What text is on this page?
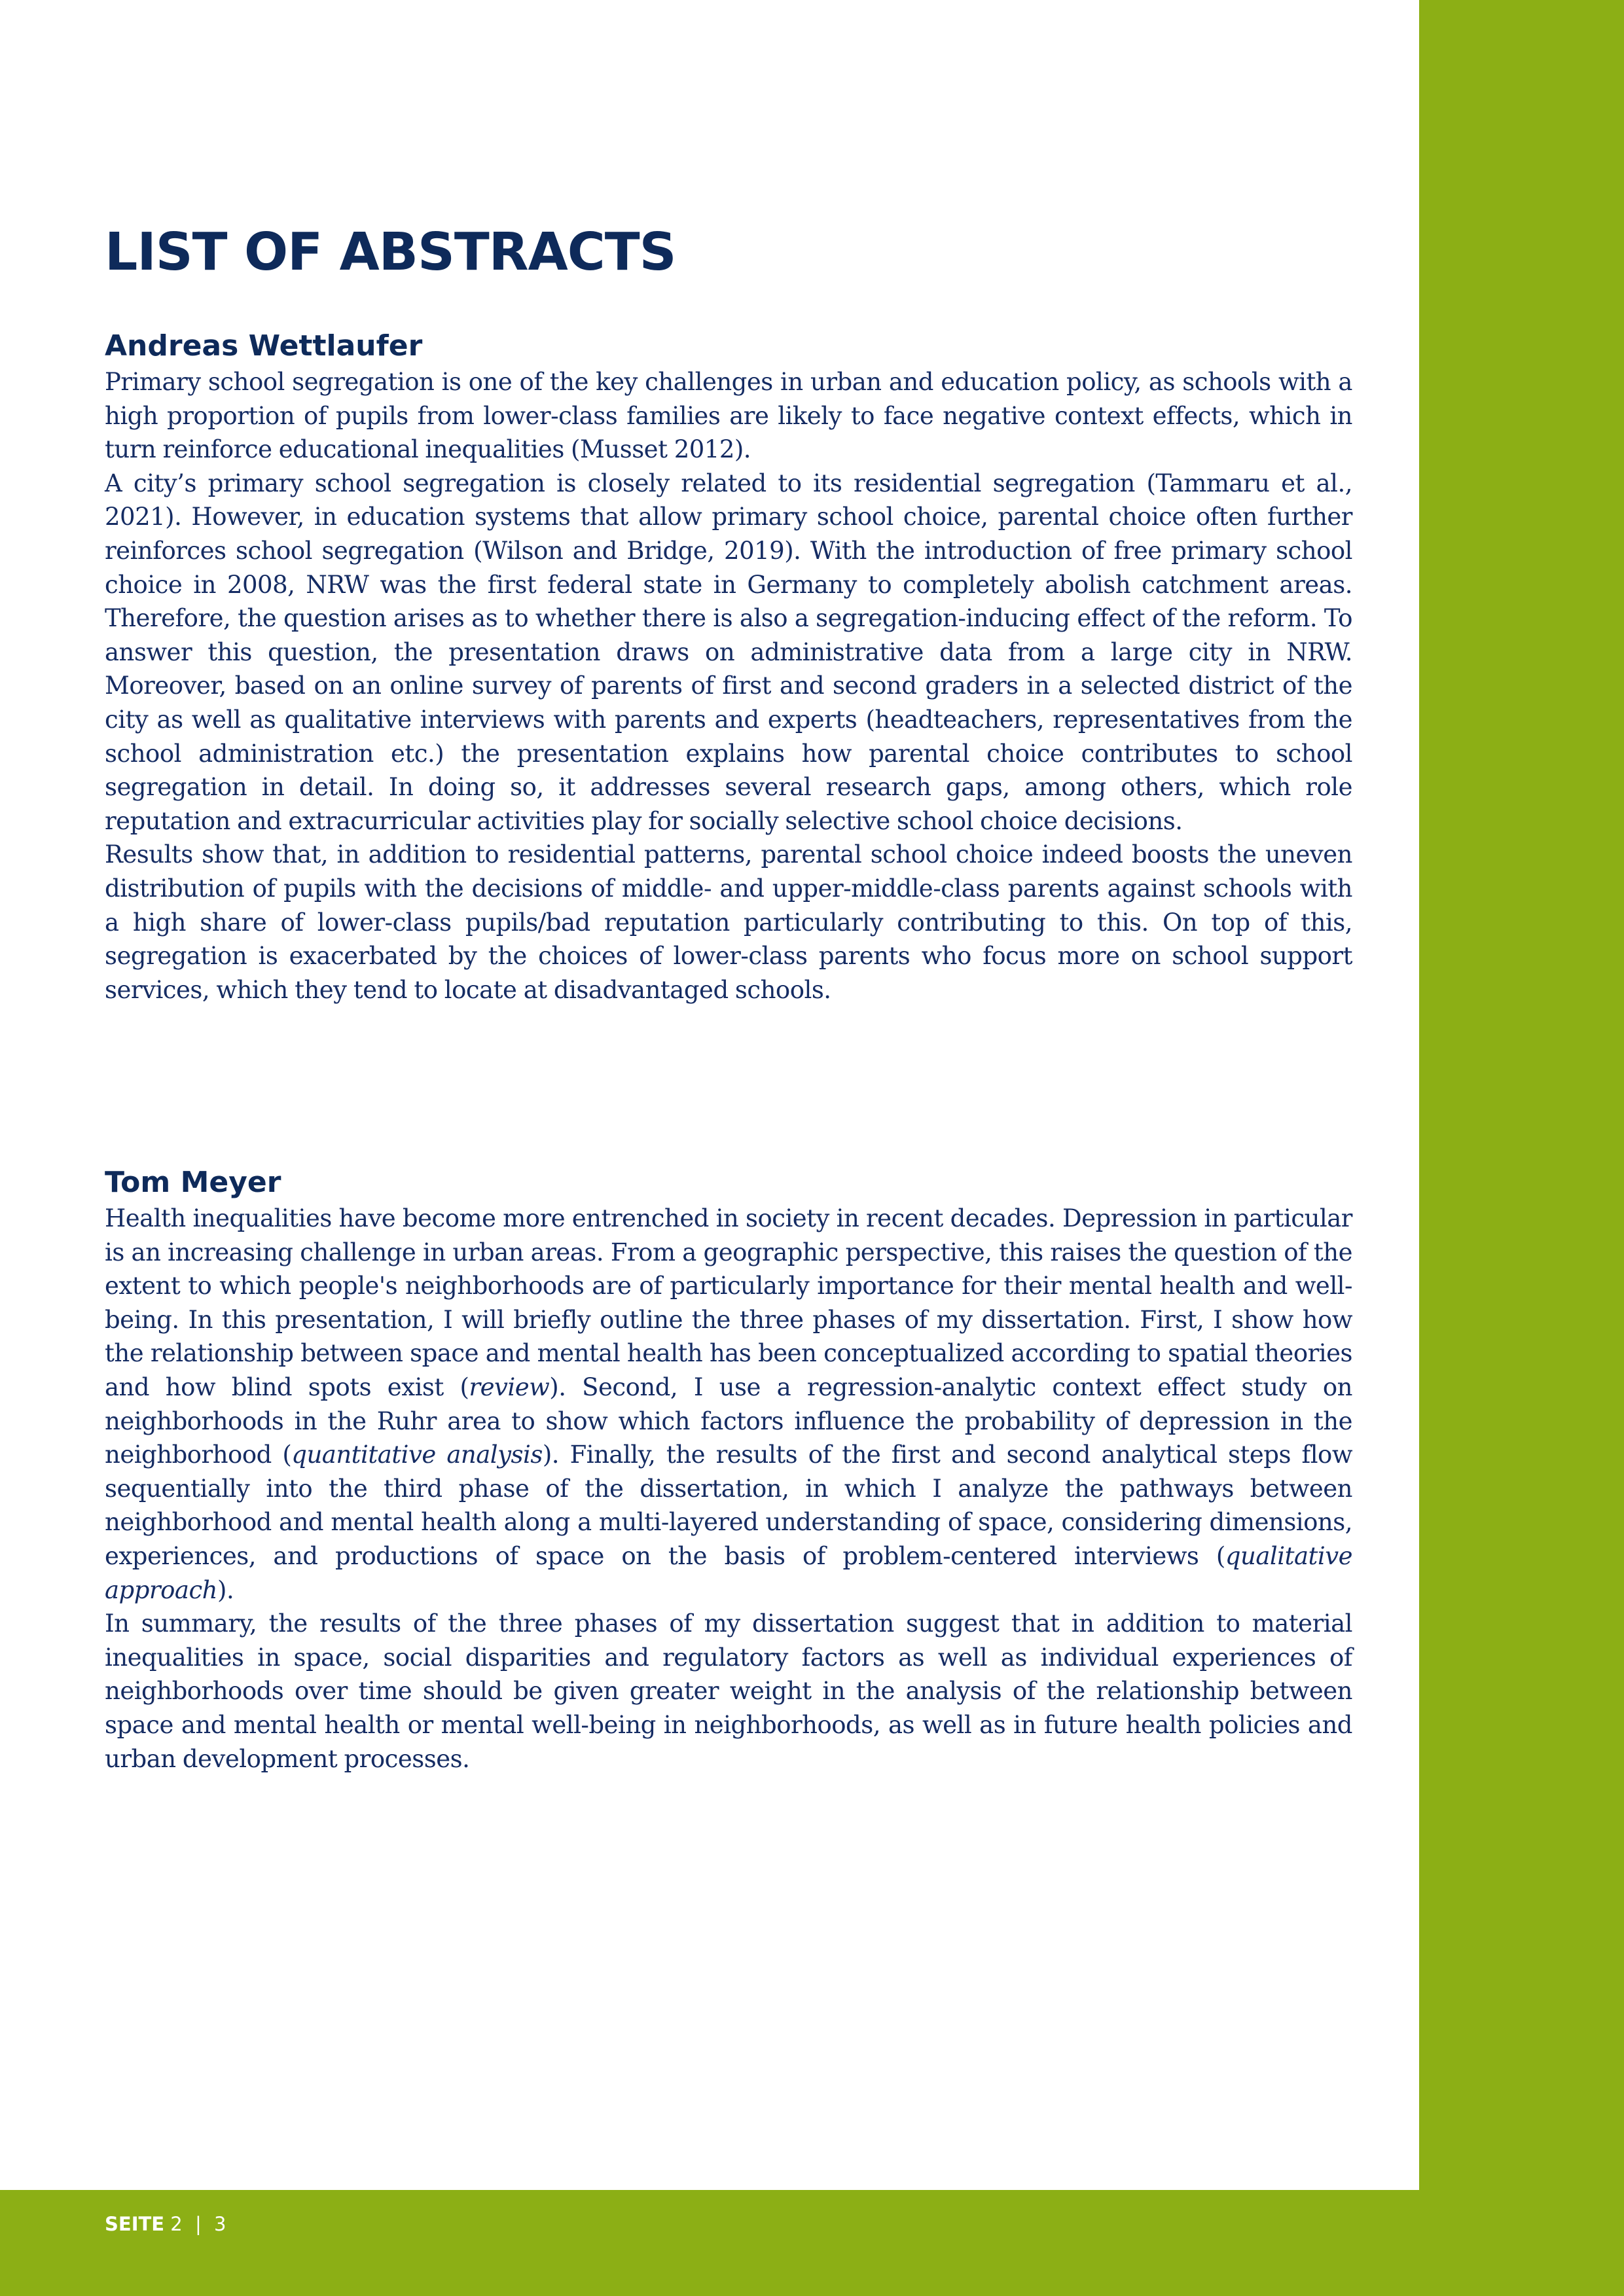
SEITE 2 | 3
LIST OF ABSTRACTS
Andreas Wettlaufer

Primary school segregation is one of the key challenges in urban and education policy, as schools with a high proportion of pupils from lower-class families are likely to face negative context effects, which in turn reinforce educational inequalities (Musset 2012).

A city’s primary school segregation is closely related to its residential segregation (Tammaru et al., 2021). However, in education systems that allow primary school choice, parental choice often further reinforces school segregation (Wilson and Bridge, 2019). With the introduction of free primary school choice in 2008, NRW was the first federal state in Germany to completely abolish catchment areas. Therefore, the question arises as to whether there is also a segregation-inducing effect of the reform. To answer this question, the presentation draws on administrative data from a large city in NRW. Moreover, based on an online survey of parents of first and second graders in a selected district of the city as well as qualitative interviews with parents and experts (headteachers, representatives from the school administration etc.) the presentation explains how parental choice contributes to school segregation in detail. In doing so, it addresses several research gaps, among others, which role reputation and extracurricular activities play for socially selective school choice decisions.

Results show that, in addition to residential patterns, parental school choice indeed boosts the uneven distribution of pupils with the decisions of middle- and upper-middle-class parents against schools with a high share of lower-class pupils/bad reputation particularly contributing to this. On top of this, segregation is exacerbated by the choices of lower-class parents who focus more on school support services, which they tend to locate at disadvantaged schools.

Tom Meyer

Health inequalities have become more entrenched in society in recent decades. Depression in particular is an increasing challenge in urban areas. From a geographic perspective, this raises the question of the extent to which people's neighborhoods are of particularly importance for their mental health and well-being. In this presentation, I will briefly outline the three phases of my dissertation. First, I show how the relationship between space and mental health has been conceptualized according to spatial theories and how blind spots exist (review). Second, I use a regression-analytic context effect study on neighborhoods in the Ruhr area to show which factors influence the probability of depression in the neighborhood (quantitative analysis). Finally, the results of the first and second analytical steps flow sequentially into the third phase of the dissertation, in which I analyze the pathways between neighborhood and mental health along a multi-layered understanding of space, considering dimensions, experiences, and productions of space on the basis of problem-centered interviews (qualitative approach).

In summary, the results of the three phases of my dissertation suggest that in addition to material inequalities in space, social disparities and regulatory factors as well as individual experiences of neighborhoods over time should be given greater weight in the analysis of the relationship between space and mental health or mental well-being in neighborhoods, as well as in future health policies and urban development processes.
